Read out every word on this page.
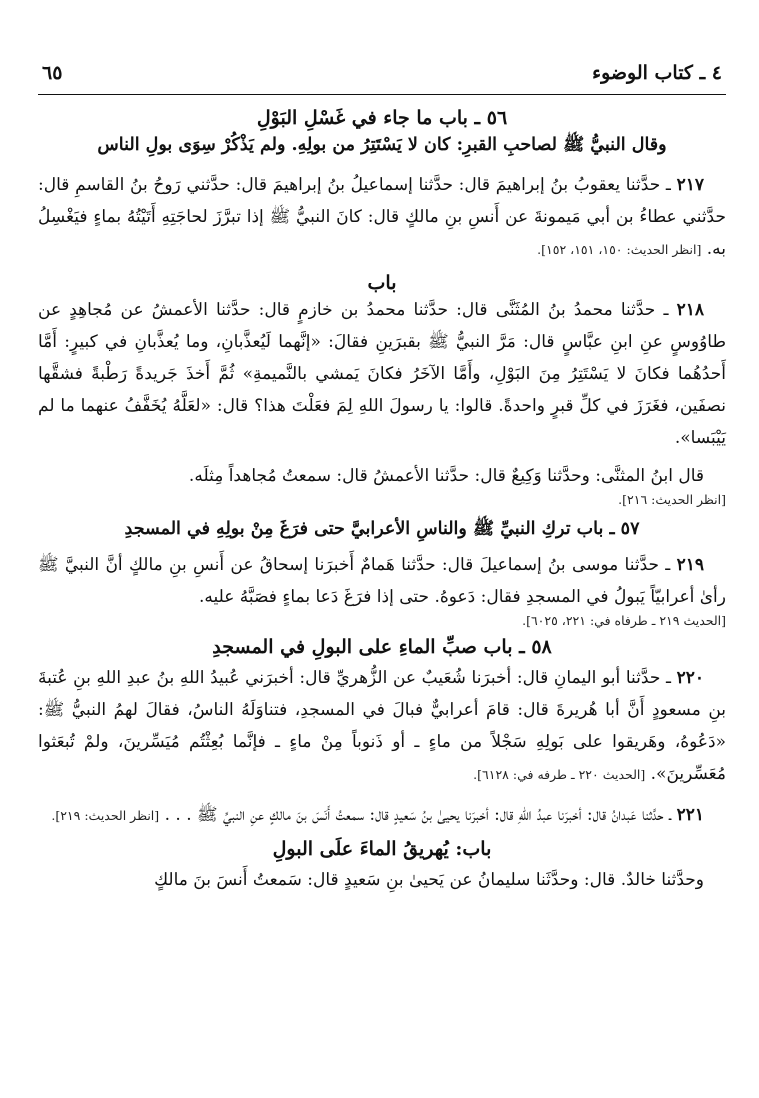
٤ ـ كتاب الوضوء
٦٥

٥٦ ـ باب ما جاء في غَسْلِ البَوْلِ

وقال النبيُّ ﷺ لصاحبِ القبرِ: كان لا يَسْتَتِرُ من بولِهِ. ولم يَذْكُرْ سِوَى بولِ الناس

٢١٧ ـ حدَّثنا يعقوبُ بنُ إبراهيمَ قال: حدَّثنا إسماعيلُ بنُ إبراهيمَ قال: حدَّثني رَوحُ بنُ القاسمِ قال: حدَّثني عطاءُ بن أبي مَيمونةَ عن أَنسِ بنِ مالكٍ قال: كانَ النبيُّ ﷺ إذا تبرَّزَ لحاجَتِهِ أَتَيْتُهُ بماءٍ فيَغْسِلُ به. [انظر الحديث: ١٥٠، ١٥١، ١٥٢].

باب

٢١٨ ـ حدَّثنا محمدُ بنُ المُثَنَّى قال: حدَّثنا محمدُ بن خازمٍ قال: حدَّثنا الأعمشُ عن مُجاهِدٍ عن طاوُوسٍ عنِ ابنِ عبَّاسٍ قال: مَرَّ النبيُّ ﷺ بقبرَينِ فقالَ: «إنَّهما لَيُعذَّبانِ، وما يُعذَّبانِ في كبيرٍ: أَمَّا أَحدُهُما فكانَ لا يَسْتَتِرُ مِنَ البَوْلِ، وأَمَّا الآخَرُ فكانَ يَمشي بالنَّميمةِ» ثُمَّ أَخذَ جَريدةً رَطْبةً فشقَّها نصفَين، فغَرَزَ في كلِّ قبرٍ واحدةً. قالوا: يا رسولَ اللهِ لِمَ فعَلْتَ هذا؟ قال: «لعَلَّهُ يُخَفَّفُ عنهما ما لم يَيْبَسا».

قال ابنُ المثنَّى: وحدَّثنا وَكِيعٌ قال: حدَّثنا الأعمشُ قال: سمعتُ مُجاهداً مِثلَه.

[انظر الحديث: ٢١٦].

٥٧ ـ باب تركِ النبيِّ ﷺ والناسِ الأعرابيَّ حتى فرَغَ مِنْ بولِهِ في المسجدِ

٢١٩ ـ حدَّثنا موسى بنُ إسماعيلَ قال: حدَّثنا هَمامٌ أَخبرَنا إسحاقُ عن أَنسِ بنِ مالكٍ أنَّ النبيَّ ﷺ رأىٰ أعرابيّاً يَبولُ في المسجدِ فقال: دَعوهُ. حتى إذا فرَغَ دَعا بماءٍ فصَبَّهُ عليه.

[الحديث ٢١٩ ـ طرفاه في: ٢٢١، ٦٠٢٥].

٥٨ ـ باب صبِّ الماءِ على البولِ في المسجدِ

٢٢٠ ـ حدَّثنا أبو اليمانِ قال: أخبرَنا شُعَيبٌ عن الزُّهريِّ قال: أخبرَني عُبيدُ اللهِ بنُ عبدِ اللهِ بنِ عُتبةَ بنِ مسعودٍ أَنَّ أبا هُريرةَ قال: قامَ أعرابيٌّ فبالَ في المسجدِ، فتناوَلَهُ الناسُ، فقالَ لهمُ النبيُّ ﷺ: «دَعُوهُ، وهَريقوا على بَولِهِ سَجْلاً من ماءٍ ـ أو ذَنوباً مِنْ ماءٍ ـ فإنَّما بُعِثْتُم مُيَسِّرينَ، ولمْ تُبعَثوا مُعَسِّرينَ». [الحديث ٢٢٠ ـ طرفه في: ٦١٢٨].

٢٢١ ـ حدَّثنا عَبدانُ قال: أخبرَنا عبدُ اللهِ قال: أخبرَنا يحيىٰ بنُ سَعيدٍ قال: سمعتُ أَنَسَ بنَ مالكٍ عنِ النبيِّ ﷺ . . . [انظر الحديث: ٢١٩].

باب: يُهريقُ الماءَ علَى البولِ

وحدَّثنا خالدٌ. قال: وحدَّثَنا سليمانُ عن يَحيىٰ بنِ سَعيدٍ قال: سَمعتُ أَنسَ بنَ مالكٍ
